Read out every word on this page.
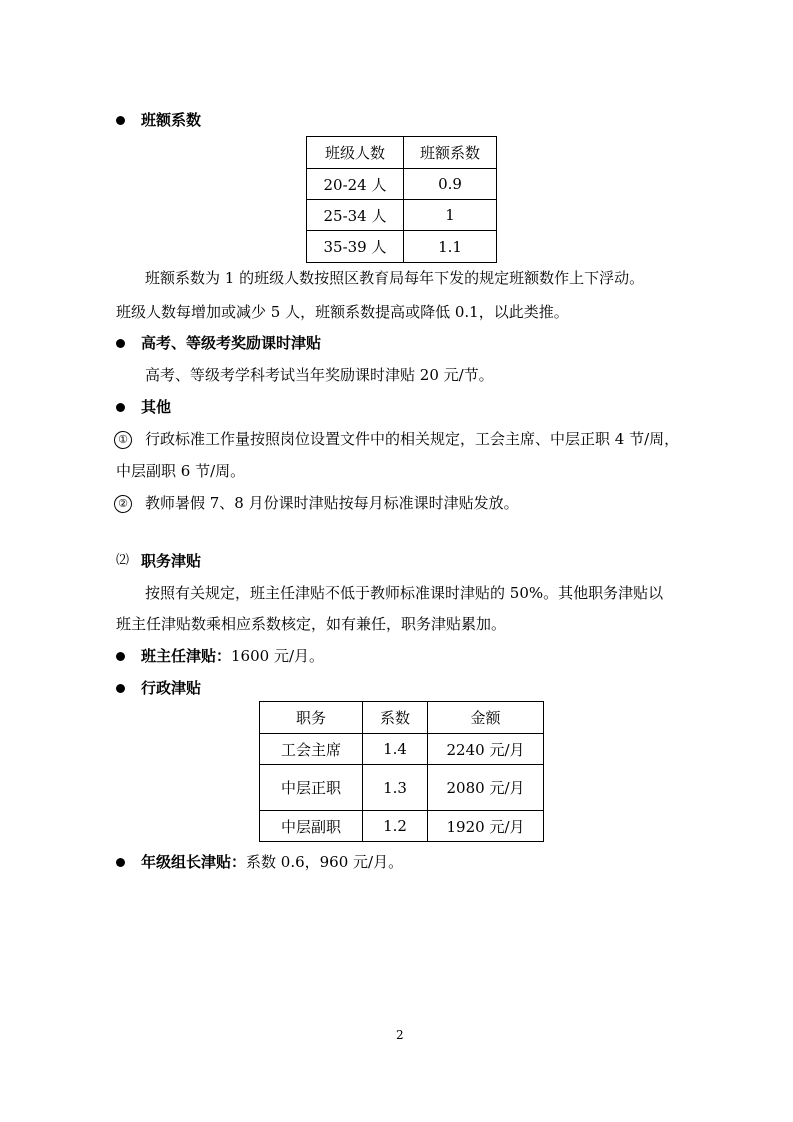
班额系数
班级人数	班额系数
20-24 人	0.9
25-34 人	1
35-39 人	1.1
班额系数为 1 的班级人数按照区教育局每年下发的规定班额数作上下浮动。
班级人数每增加或减少 5 人，班额系数提高或降低 0.1，以此类推。
高考、等级考奖励课时津贴
高考、等级考学科考试当年奖励课时津贴 20 元/节。
其他
① 行政标准工作量按照岗位设置文件中的相关规定，工会主席、中层正职 4 节/周，
中层副职 6 节/周。
② 教师暑假 7、8 月份课时津贴按每月标准课时津贴发放。
⑵ 职务津贴
按照有关规定，班主任津贴不低于教师标准课时津贴的 50%。其他职务津贴以
班主任津贴数乘相应系数核定，如有兼任，职务津贴累加。
班主任津贴：1600 元/月。
行政津贴
职务	系数	金额
工会主席	1.4	2240 元/月
中层正职	1.3	2080 元/月
中层副职	1.2	1920 元/月
年级组长津贴：系数 0.6，960 元/月。
2
